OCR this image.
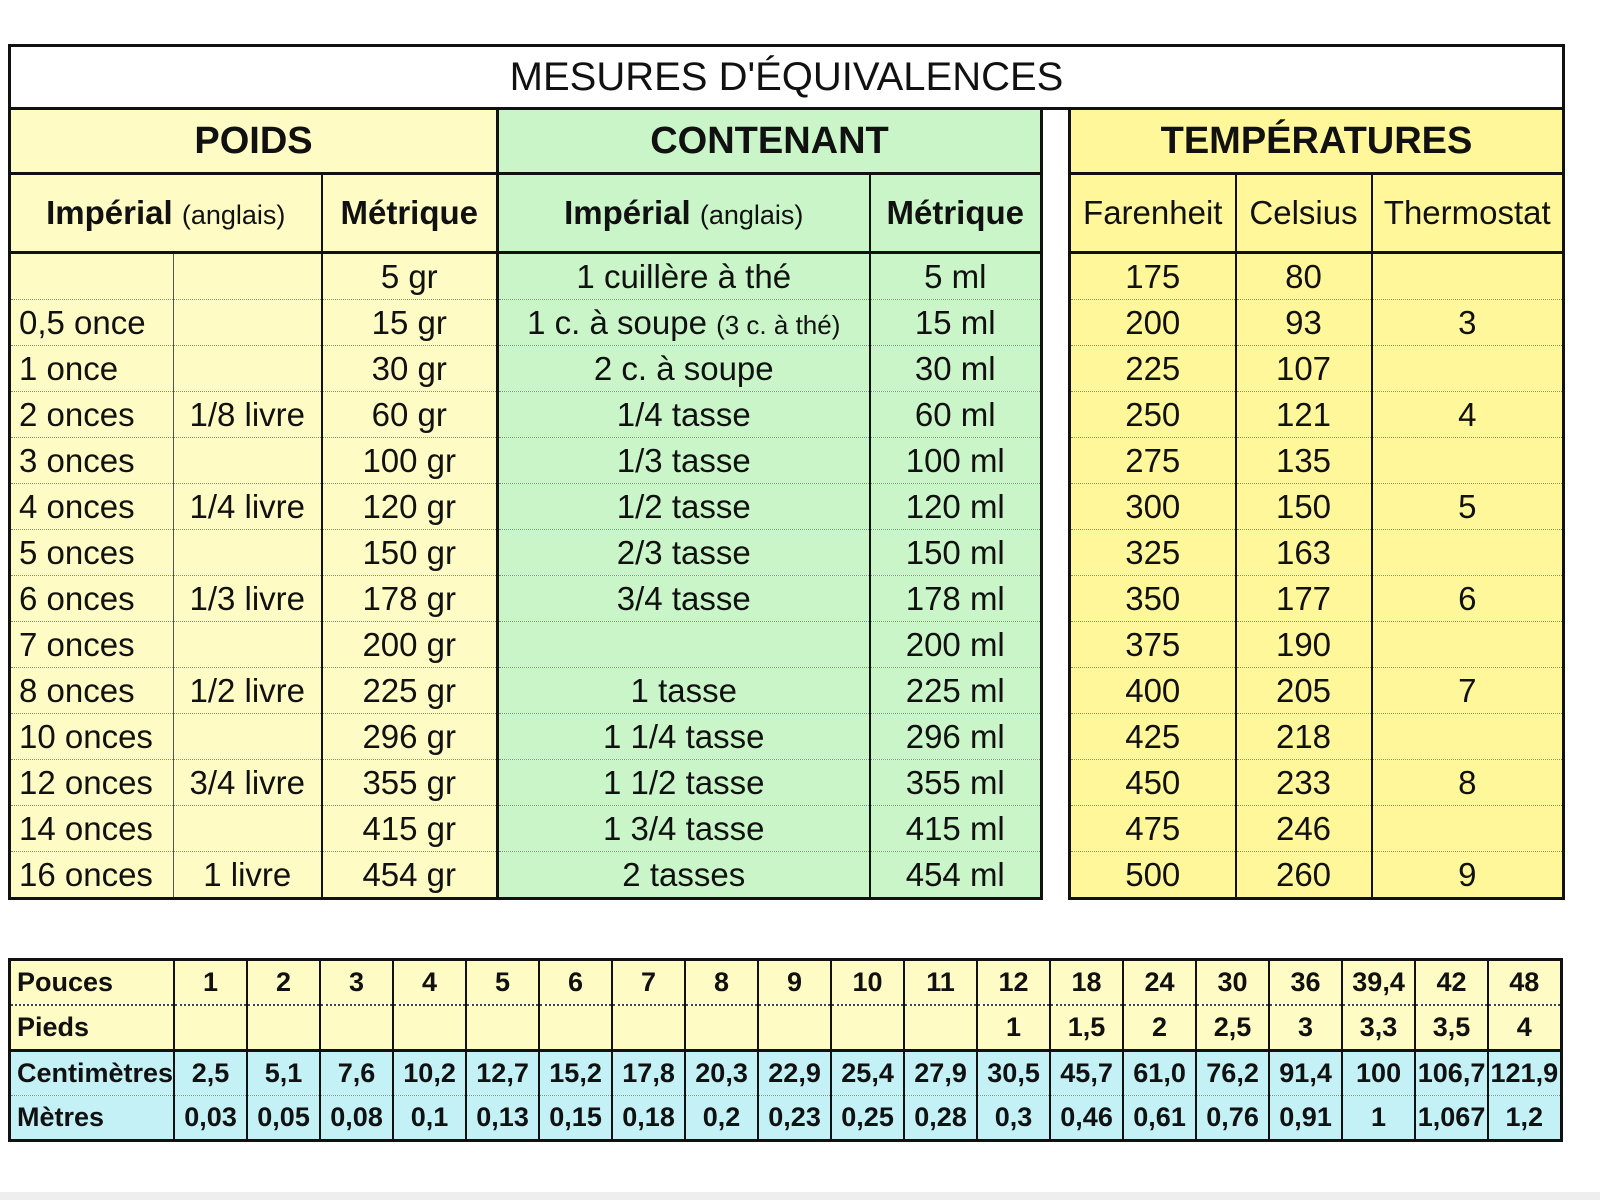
MESURES D'ÉQUIVALENCES								
POIDS			CONTENANT			TEMPÉRATURES		
Impérial (anglais)		Métrique	Impérial (anglais)	Métrique		Farenheit	Celsius	Thermostat
		5 gr	1 cuillère à thé	5 ml		175	80	
0,5 once		15 gr	1 c. à soupe (3 c. à thé)	15 ml		200	93	3
1 once		30 gr	2 c. à soupe	30 ml		225	107	
2 onces	1/8 livre	60 gr	1/4 tasse	60 ml		250	121	4
3 onces		100 gr	1/3 tasse	100 ml		275	135	
4 onces	1/4 livre	120 gr	1/2 tasse	120 ml		300	150	5
5 onces		150 gr	2/3 tasse	150 ml		325	163	
6 onces	1/3 livre	178 gr	3/4 tasse	178 ml		350	177	6
7 onces		200 gr		200 ml		375	190	
8 onces	1/2 livre	225 gr	1 tasse	225 ml		400	205	7
10 onces		296 gr	1 1/4 tasse	296 ml		425	218	
12 onces	3/4 livre	355 gr	1 1/2 tasse	355 ml		450	233	8
14 onces		415 gr	1 3/4 tasse	415 ml		475	246	
16 onces	1 livre	454 gr	2 tasses	454 ml		500	260	9
Pouces	1	2	3	4	5	6	7	8	9	10	11	12	18	24	30	36	39,4	42	48
Pieds												1	1,5	2	2,5	3	3,3	3,5	4
Centimètres	2,5	5,1	7,6	10,2	12,7	15,2	17,8	20,3	22,9	25,4	27,9	30,5	45,7	61,0	76,2	91,4	100	106,7	121,9
Mètres	0,03	0,05	0,08	0,1	0,13	0,15	0,18	0,2	0,23	0,25	0,28	0,3	0,46	0,61	0,76	0,91	1	1,067	1,2
